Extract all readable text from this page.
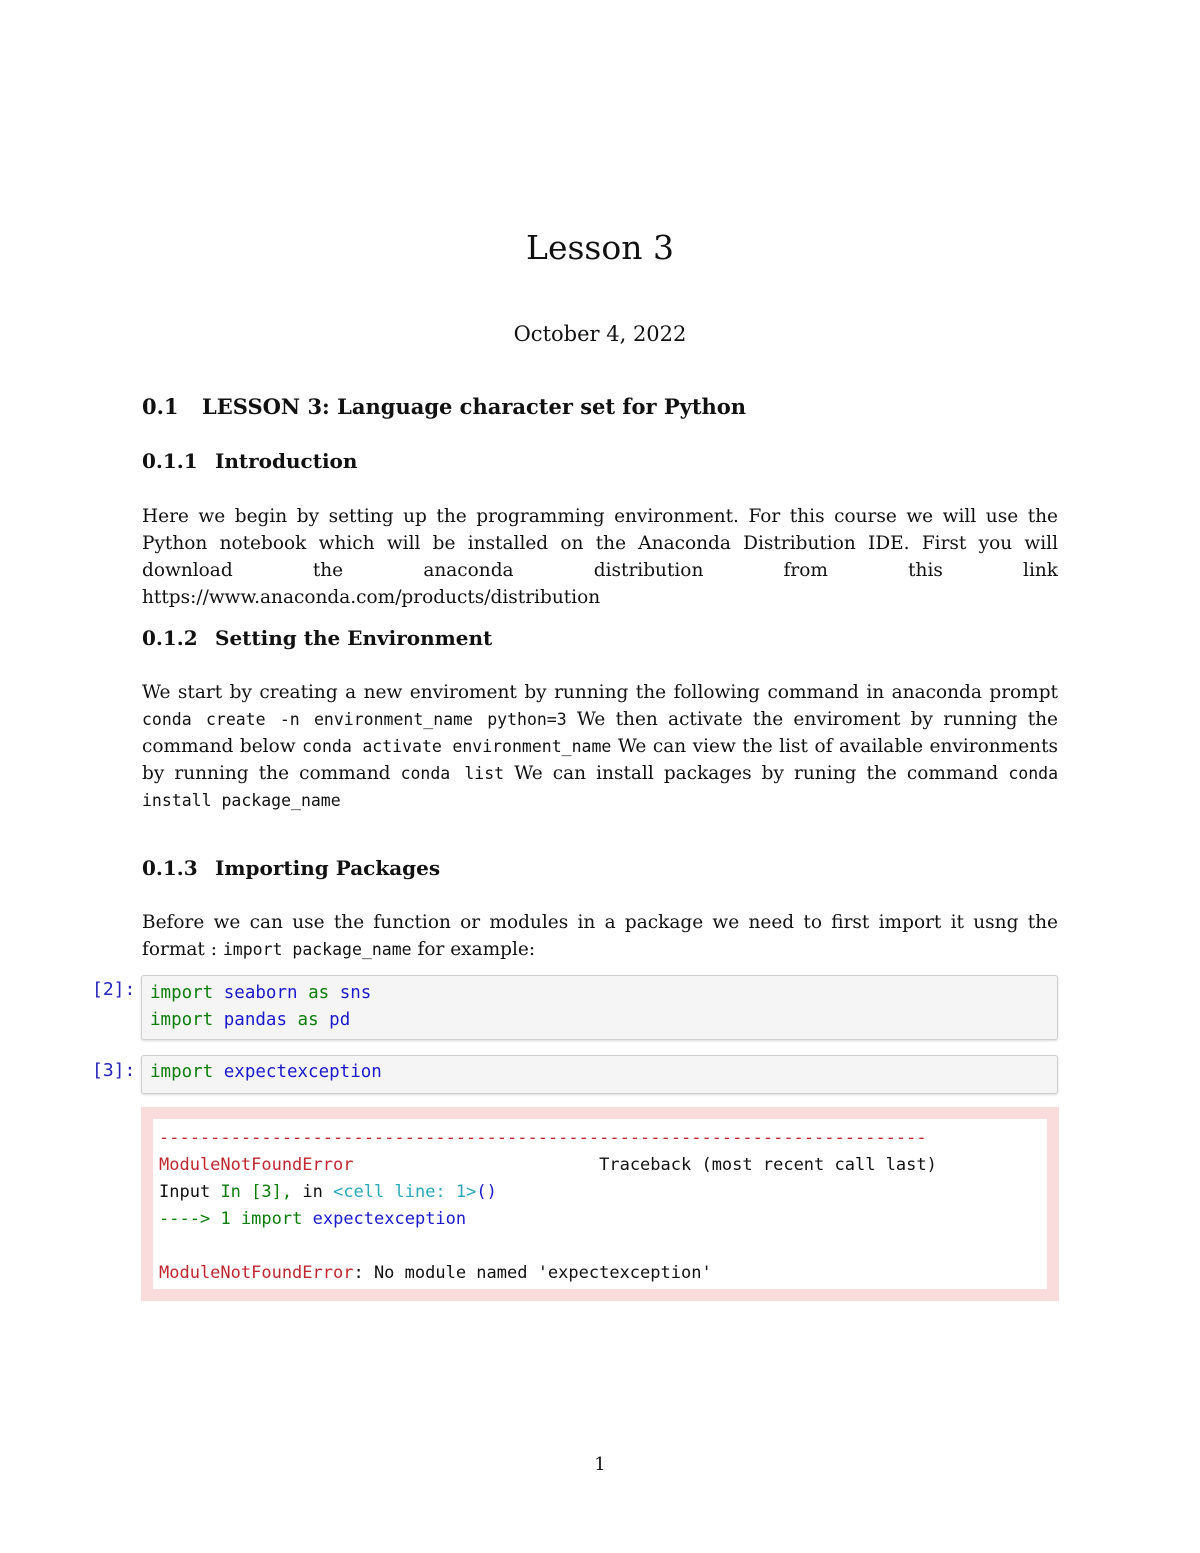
Lesson 3
October 4, 2022
0.1 LESSON 3: Language character set for Python
0.1.1 Introduction
Here we begin by setting up the programming environment. For this course we will use the Python notebook which will be installed on the Anaconda Distribution IDE. First you will download the anaconda distribution from this link https://www.anaconda.com/products/distribution
0.1.2 Setting the Environment
We start by creating a new enviroment by running the following command in anaconda prompt conda create -n environment_name python=3 We then activate the enviroment by running the command below conda activate environment_name We can view the list of available environments by running the command conda list We can install packages by runing the command conda install package_name
0.1.3 Importing Packages
Before we can use the function or modules in a package we need to first import it usng the format : import package_name for example:
[2]: import seaborn as sns
import pandas as pd
[3]: import expectexception
---------------------------------------------------------------------------
ModuleNotFoundError	Traceback (most recent call last)
Input In [3], in <cell line: 1>()
----> 1 import expectexception

ModuleNotFoundError: No module named 'expectexception'
1
